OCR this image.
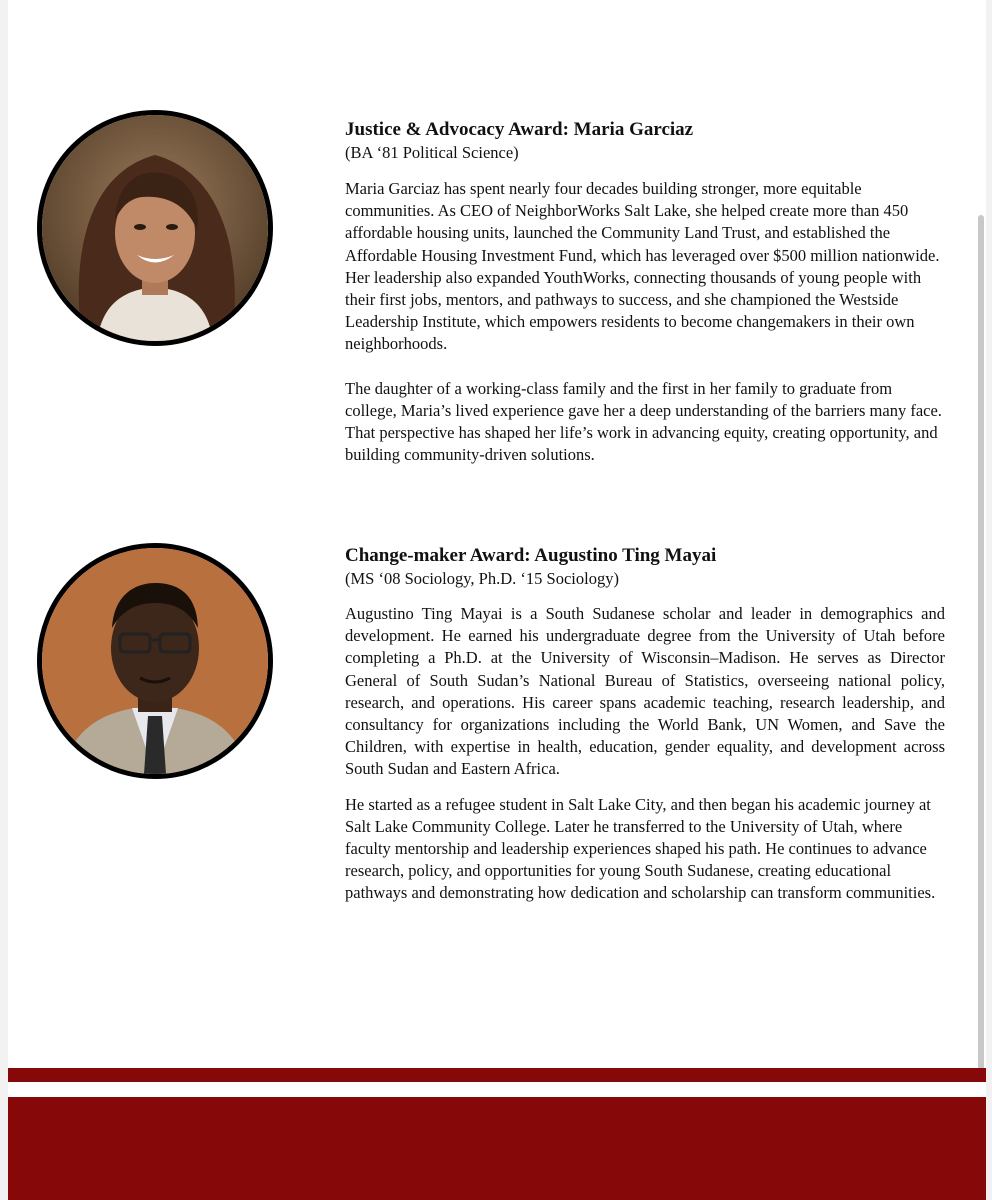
Justice & Advocacy Award: Maria Garciaz

(BA ‘81 Political Science)

Maria Garciaz has spent nearly four decades building stronger, more equitable communities. As CEO of NeighborWorks Salt Lake, she helped create more than 450 affordable housing units, launched the Community Land Trust, and established the Affordable Housing Investment Fund, which has leveraged over $500 million nationwide. Her leadership also expanded YouthWorks, connecting thousands of young people with their first jobs, mentors, and pathways to success, and she championed the Westside Leadership Institute, which empowers residents to become changemakers in their own neighborhoods.

The daughter of a working-class family and the first in her family to graduate from college, Maria’s lived experience gave her a deep understanding of the barriers many face. That perspective has shaped her life’s work in advancing equity, creating opportunity, and building community-driven solutions.

Change-maker Award: Augustino Ting Mayai

(MS ‘08 Sociology, Ph.D. ‘15 Sociology)

Augustino Ting Mayai is a South Sudanese scholar and leader in demographics and development. He earned his undergraduate degree from the University of Utah before completing a Ph.D. at the University of Wisconsin–Madison. He serves as Director General of South Sudan’s National Bureau of Statistics, overseeing national policy, research, and operations. His career spans academic teaching, research leadership, and consultancy for organizations including the World Bank, UN Women, and Save the Children, with expertise in health, education, gender equality, and development across South Sudan and Eastern Africa.

He started as a refugee student in Salt Lake City, and then began his academic journey at Salt Lake Community College. Later he transferred to the University of Utah, where faculty mentorship and leadership experiences shaped his path. He continues to advance research, policy, and opportunities for young South Sudanese, creating educational pathways and demonstrating how dedication and scholarship can transform communities.
